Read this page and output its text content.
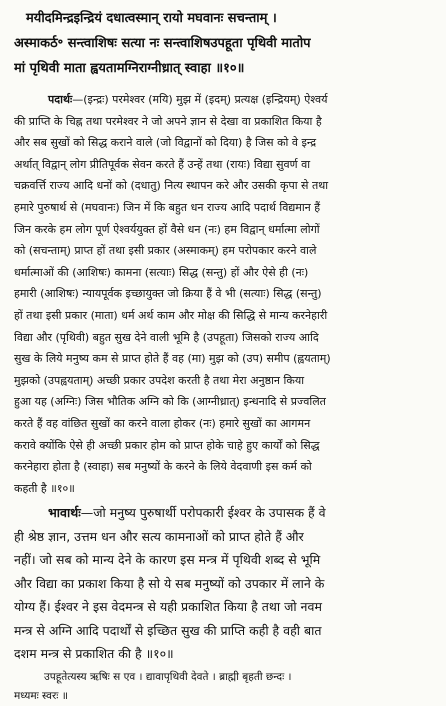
मयीदमिन्द्रइन्द्रियं दधात्वस्मान् रायो मघवानः सचन्ताम् ।
अस्माकर्ठ॰ सन्त्वाशिषः सत्या नः सन्त्वाशिषउपहूता पृथिवी मातोप
मां पृथिवी माता ह्वयतामग्निराग्नीध्रात् स्वाहा ॥१०॥
पदार्थः—(इन्द्रः) परमेश्वर (मयि) मुझ में (इदम्) प्रत्यक्ष (इन्द्रियम्) ऐश्वर्य
की प्राप्ति के चिह्न तथा परमेश्वर ने जो अपने ज्ञान से देखा वा प्रकाशित किया है
और सब सुखों को सिद्ध कराने वाले (जो विद्वानों को दिया) है जिस को वे इन्द्र
अर्थात् विद्वान् लोग प्रीतिपूर्वक सेवन करते हैं उन्हें तथा (रायः) विद्या सुवर्ण वा
चक्रवर्त्ति राज्य आदि धनों को (दधातु) नित्य स्थापन करे और उसकी कृपा से तथा
हमारे पुरुषार्थ से (मघवानः) जिन में कि बहुत धन राज्य आदि पदार्थ विद्यमान हैं
जिन करके हम लोग पूर्ण ऐश्वर्ययुक्त हों वैसे धन (नः) हम विद्वान् धर्मात्मा लोगों
को (सचन्ताम्) प्राप्त हों तथा इसी प्रकार (अस्माकम्) हम परोपकार करने वाले
धर्मात्माओं की (आशिषः) कामना (सत्याः) सिद्ध (सन्तु) हों और ऐसे ही (नः)
हमारी (आशिषः) न्यायपूर्वक इच्छायुक्त जो क्रिया हैं वे भी (सत्याः) सिद्ध (सन्तु)
हों तथा इसी प्रकार (माता) धर्म अर्थ काम और मोक्ष की सिद्धि से मान्य करनेहारी
विद्या और (पृथिवी) बहुत सुख देने वाली भूमि है (उपहूता) जिसको राज्य आदि
सुख के लिये मनुष्य कम से प्राप्त होते हैं वह (मा) मुझ को (उप) समीप (ह्वयताम्)
मुझको (उपह्वयताम्) अच्छी प्रकार उपदेश करती है तथा मेरा अनुष्ठान किया
हुआ यह (अग्निः) जिस भौतिक अग्नि को कि (आग्नीध्रात्) इन्धनादि से प्रज्वलित
करते हैं वह वांछित सुखों का करने वाला होकर (नः) हमारे सुखों का आगमन
करावे क्योंकि ऐसे ही अच्छी प्रकार होम को प्राप्त होके चाहे हुए कार्यों को सिद्ध
करनेहारा होता है (स्वाहा) सब मनुष्यों के करने के लिये वेदवाणी इस कर्म को
कहती है ॥१०॥
भावार्थः—जो मनुष्य पुरुषार्थी परोपकारी ईश्वर के उपासक हैं वे
ही श्रेष्ठ ज्ञान, उत्तम धन और सत्य कामनाओं को प्राप्त होते हैं और
नहीं। जो सब को मान्य देने के कारण इस मन्त्र में पृथिवी शब्द से भूमि
और विद्या का प्रकाश किया है सो ये सब मनुष्यों को उपकार में लाने के
योग्य हैं। ईश्वर ने इस वेदमन्त्र से यही प्रकाशित किया है तथा जो नवम
मन्त्र से अग्नि आदि पदार्थों से इच्छित सुख की प्राप्ति कही है वही बात
दशम मन्त्र से प्रकाशित की है ॥१०॥
उपहूतेत्यस्य ऋषिः स एव । द्यावापृथिवी देवते । ब्राह्मी बृहती छन्दः ।
मध्यमः स्वरः ॥
